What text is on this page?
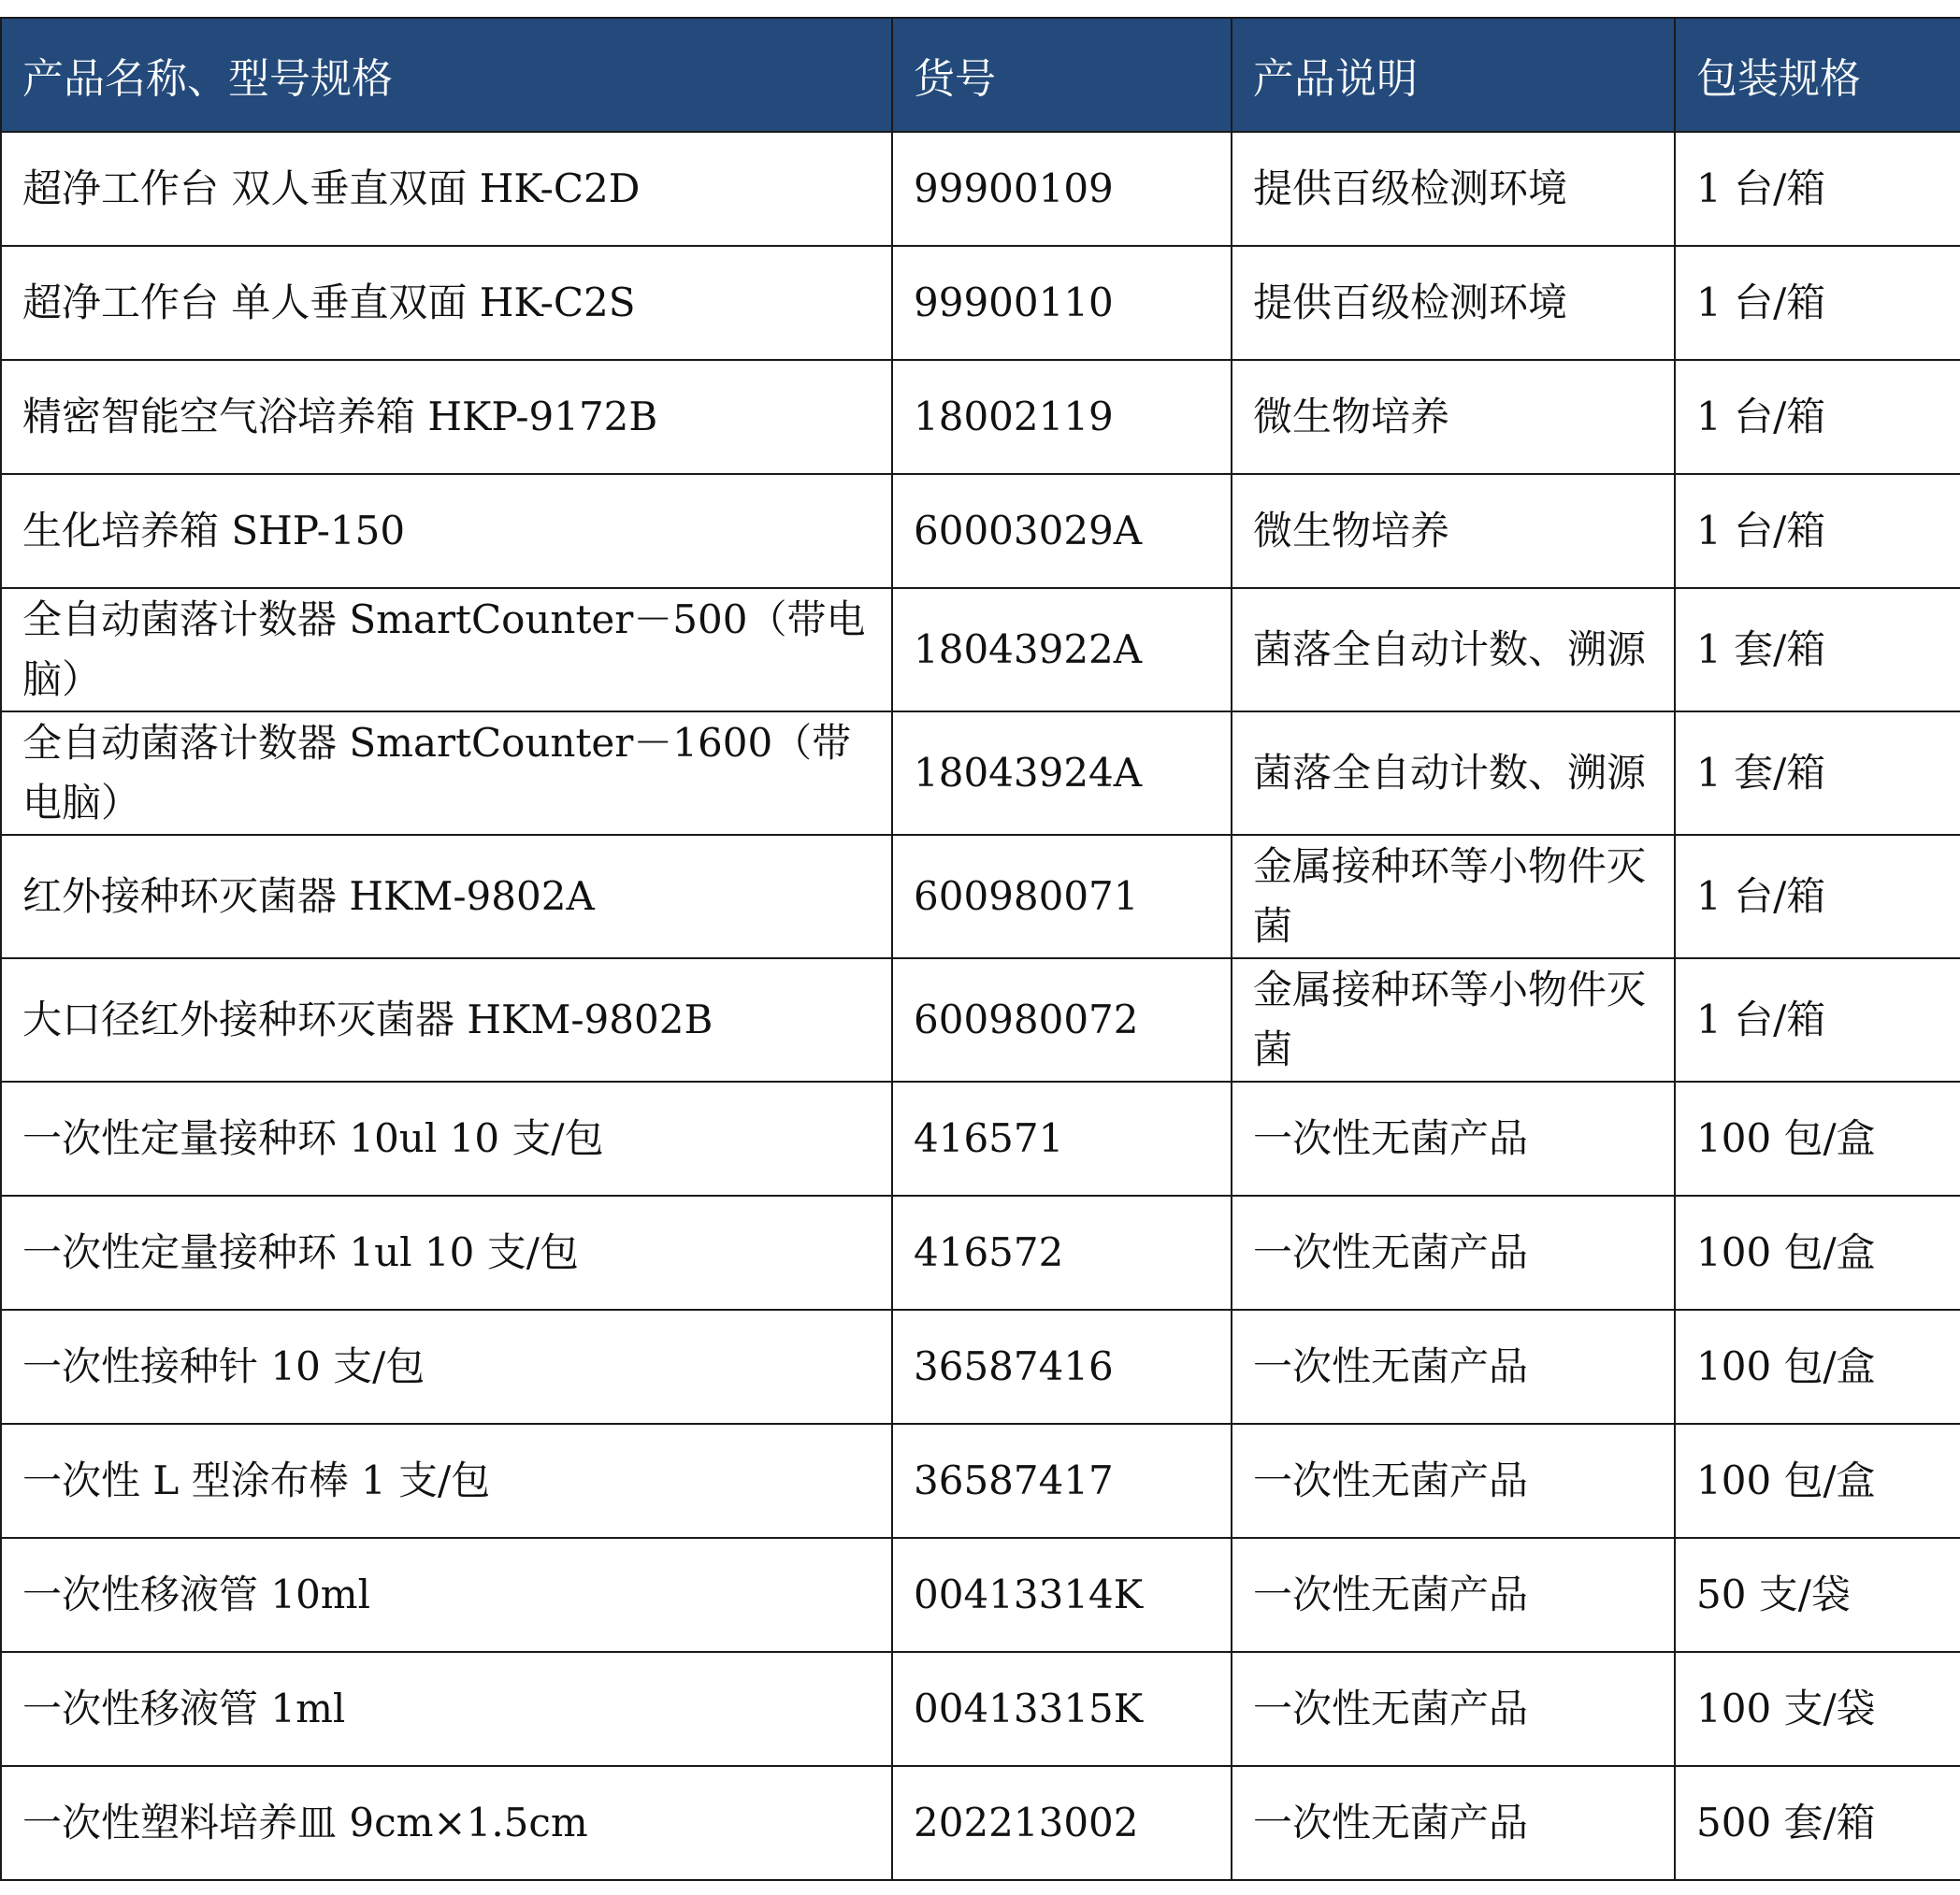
产品名称、型号规格	货号	产品说明	包装规格
超净工作台 双人垂直双面 HK-C2D	99900109	提供百级检测环境	1 台/箱
超净工作台 单人垂直双面 HK-C2S	99900110	提供百级检测环境	1 台/箱
精密智能空气浴培养箱 HKP-9172B	18002119	微生物培养	1 台/箱
生化培养箱 SHP-150	60003029A	微生物培养	1 台/箱
全自动菌落计数器 SmartCounter－500（带电脑）	18043922A	菌落全自动计数、溯源	1 套/箱
全自动菌落计数器 SmartCounter－1600（带电脑）	18043924A	菌落全自动计数、溯源	1 套/箱
红外接种环灭菌器 HKM-9802A	600980071	金属接种环等小物件灭菌	1 台/箱
大口径红外接种环灭菌器 HKM-9802B	600980072	金属接种环等小物件灭菌	1 台/箱
一次性定量接种环 10ul 10 支/包	416571	一次性无菌产品	100 包/盒
一次性定量接种环 1ul 10 支/包	416572	一次性无菌产品	100 包/盒
一次性接种针 10 支/包	36587416	一次性无菌产品	100 包/盒
一次性 L 型涂布棒 1 支/包	36587417	一次性无菌产品	100 包/盒
一次性移液管 10ml	00413314K	一次性无菌产品	50 支/袋
一次性移液管 1ml	00413315K	一次性无菌产品	100 支/袋
一次性塑料培养皿 9cm×1.5cm	202213002	一次性无菌产品	500 套/箱
